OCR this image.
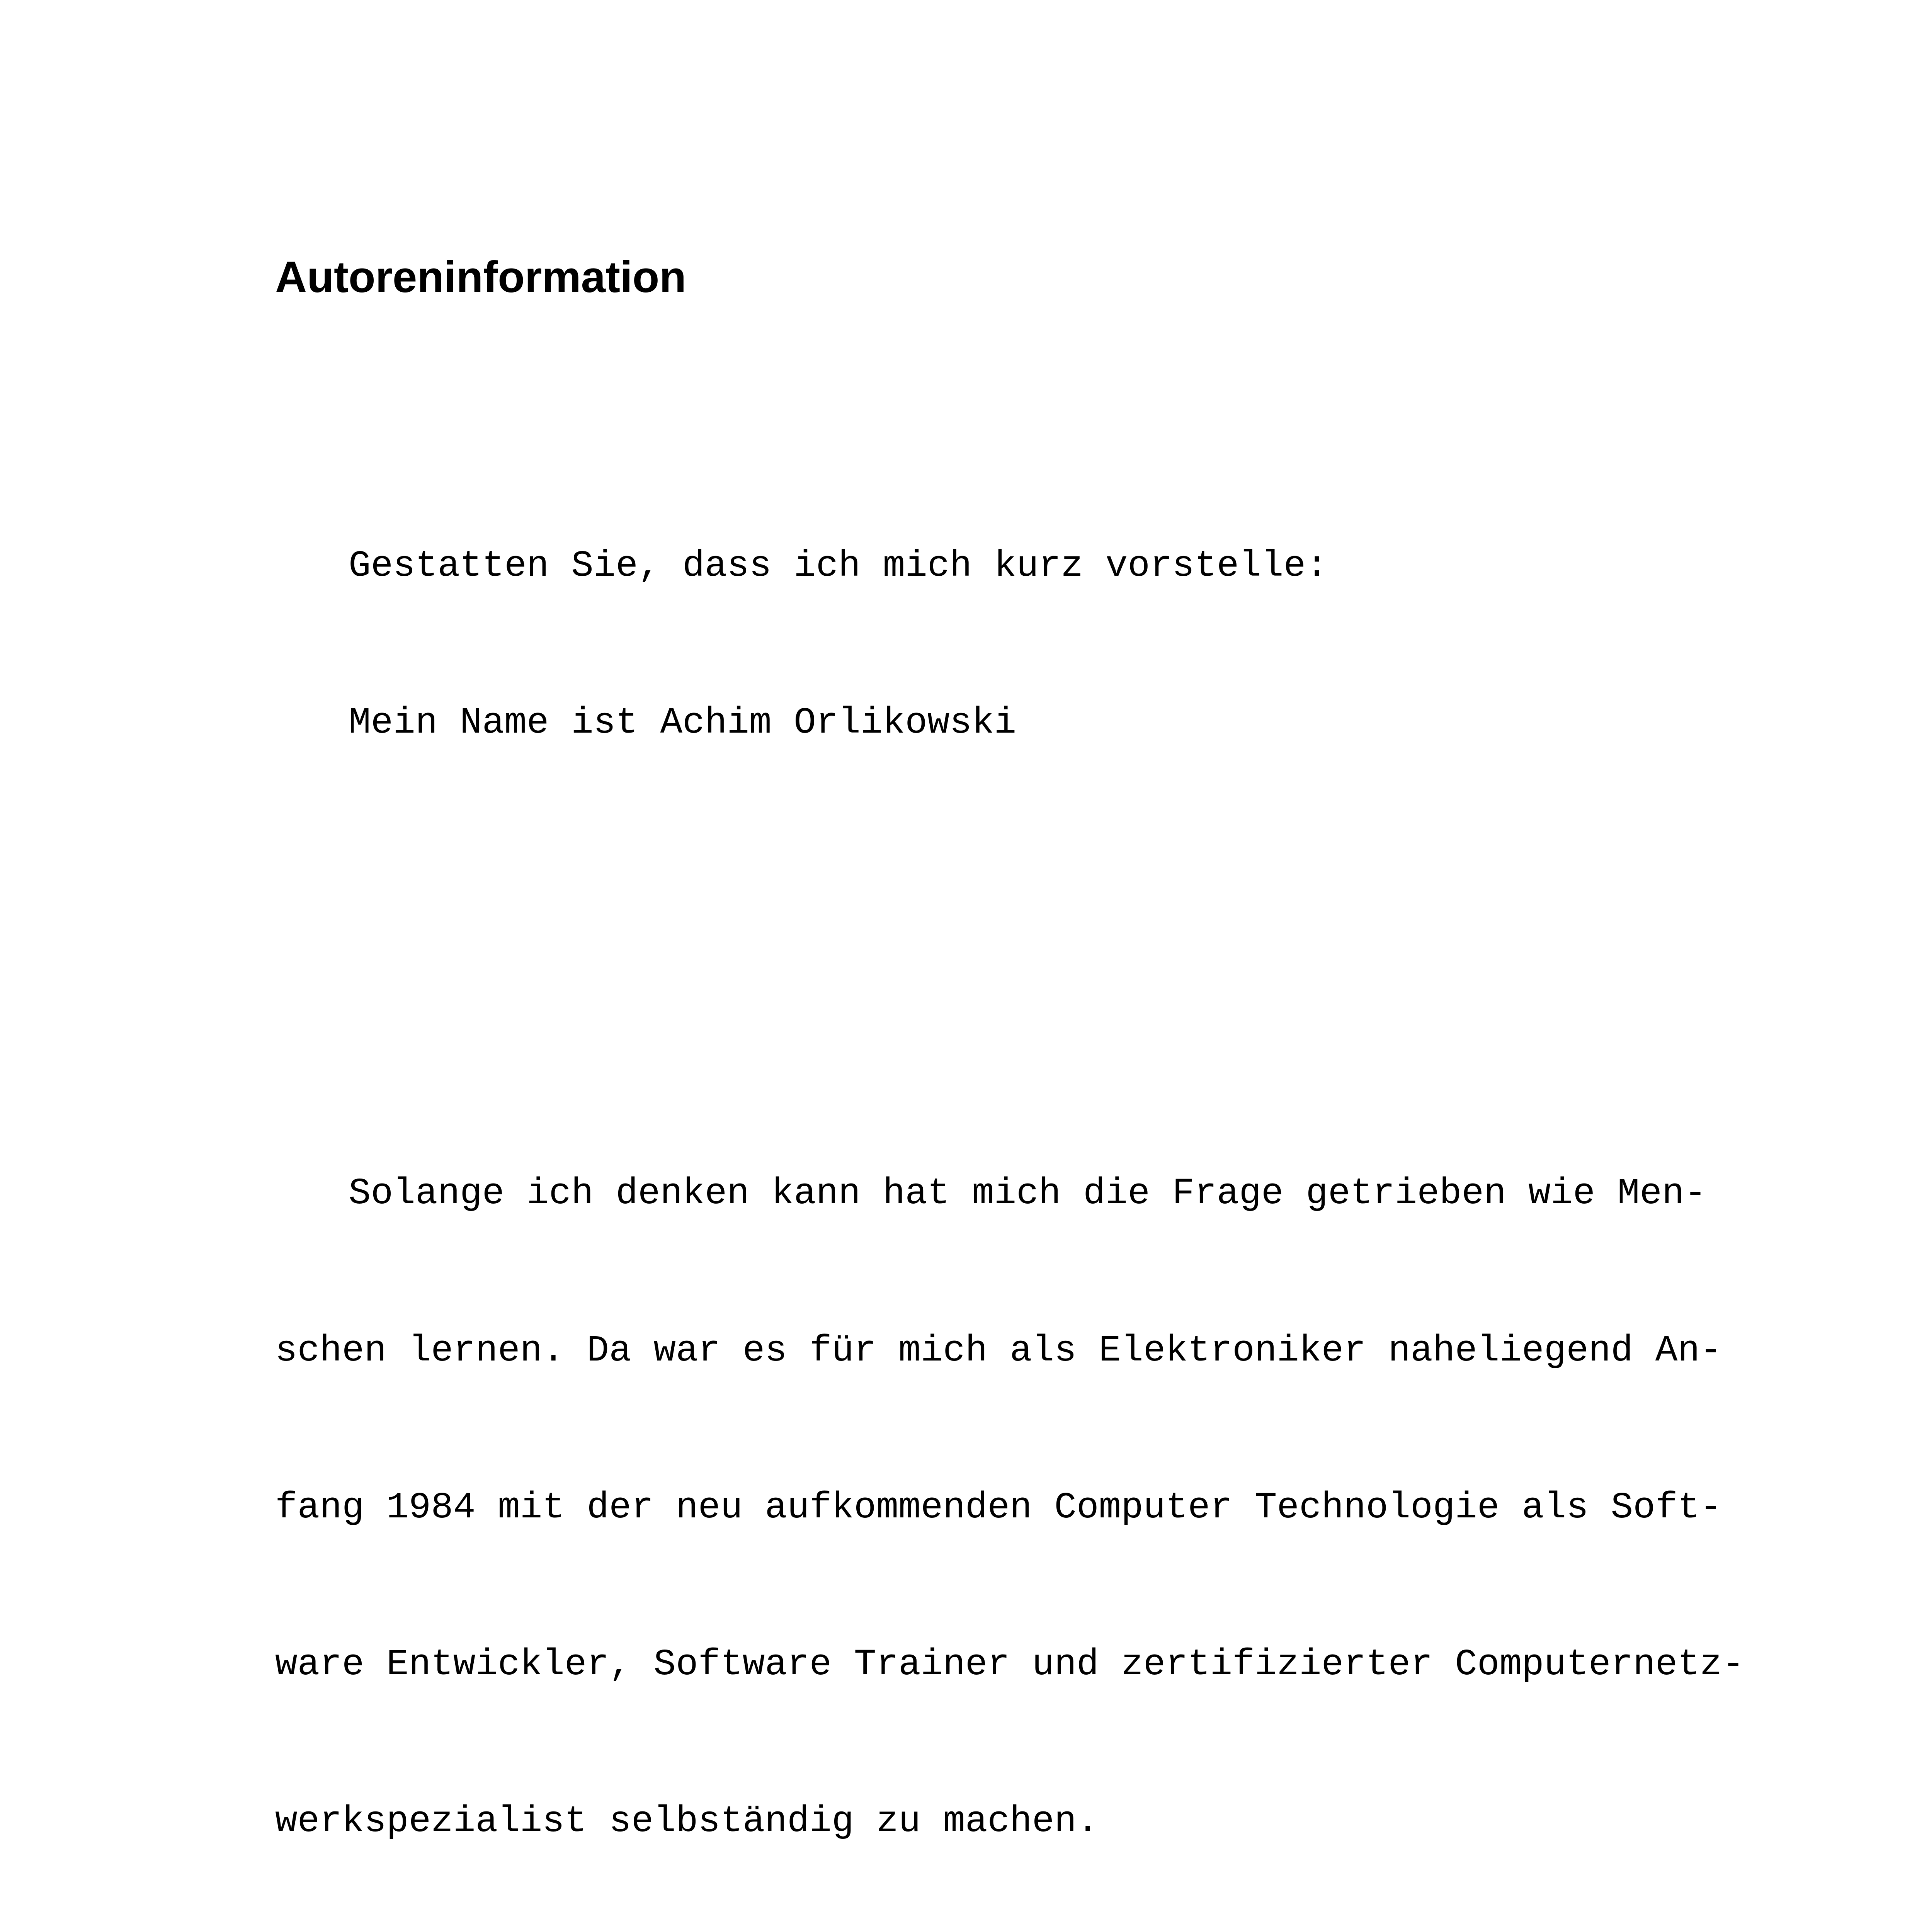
Autoreninformation

Gestatten Sie, dass ich mich kurz vorstelle:

Mein Name ist Achim Orlikowski

Solange ich denken kann hat mich die Frage getrieben wie Men-

schen lernen. Da war es für mich als Elektroniker naheliegend An-

fang 1984 mit der neu aufkommenden Computer Technologie als Soft-

ware Entwickler, Software Trainer und zertifizierter Computernetz-

werkspezialist selbständig zu machen.
